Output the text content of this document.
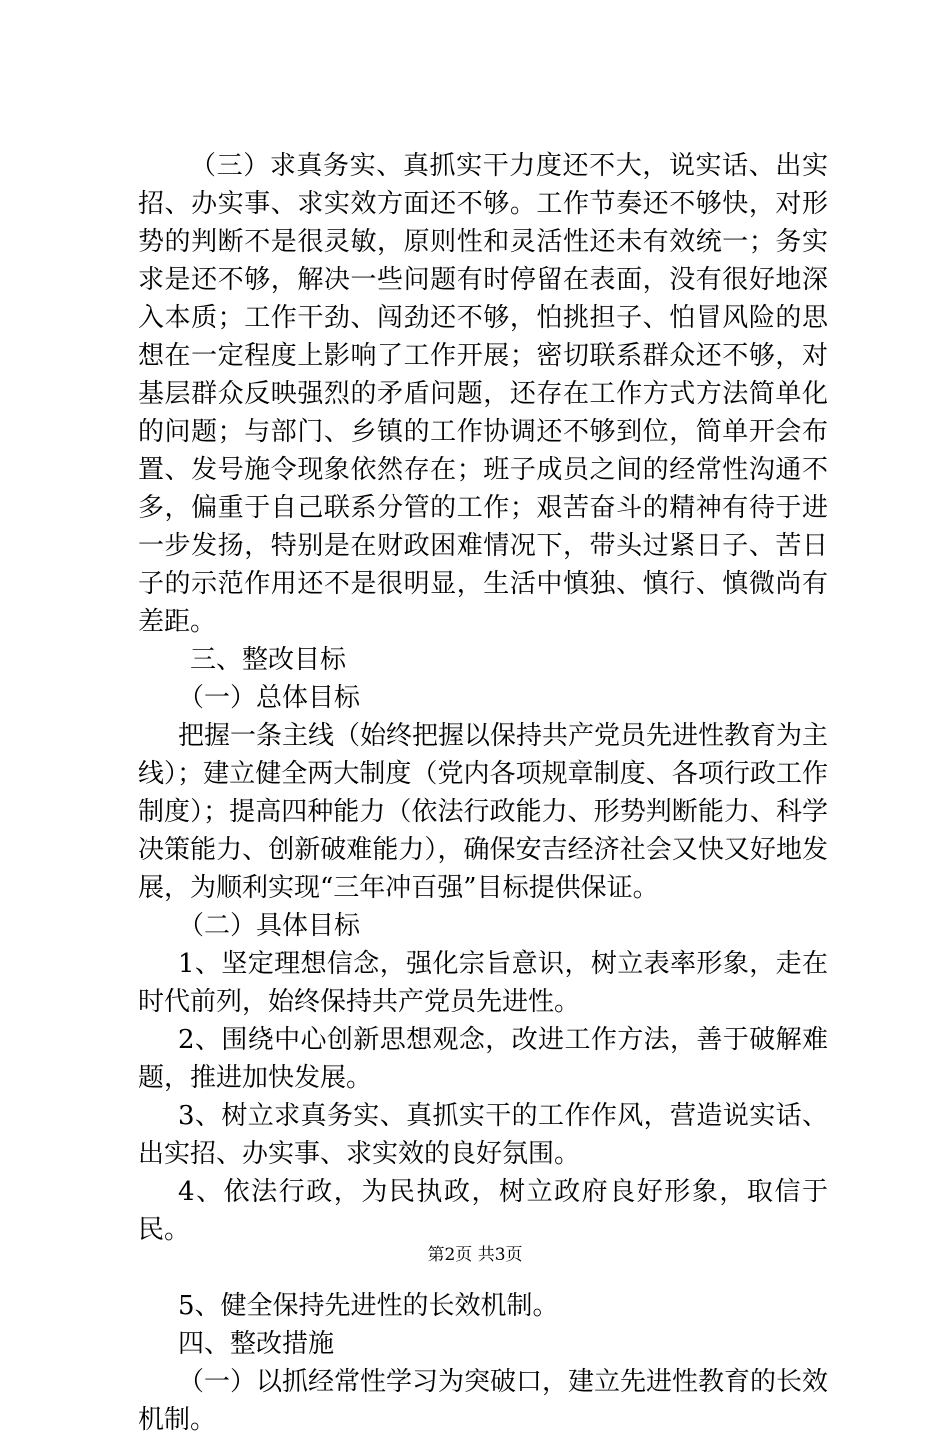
（三）求真务实、真抓实干力度还不大，说实话、出实招、办实事、求实效方面还不够。工作节奏还不够快，对形势的判断不是很灵敏，原则性和灵活性还未有效统一；务实求是还不够，解决一些问题有时停留在表面，没有很好地深入本质；工作干劲、闯劲还不够，怕挑担子、怕冒风险的思想在一定程度上影响了工作开展；密切联系群众还不够，对基层群众反映强烈的矛盾问题，还存在工作方式方法简单化的问题；与部门、乡镇的工作协调还不够到位，简单开会布置、发号施令现象依然存在；班子成员之间的经常性沟通不多，偏重于自己联系分管的工作；艰苦奋斗的精神有待于进一步发扬，特别是在财政困难情况下，带头过紧日子、苦日子的示范作用还不是很明显，生活中慎独、慎行、慎微尚有差距。

三、整改目标

（一）总体目标

把握一条主线（始终把握以保持共产党员先进性教育为主线）；建立健全两大制度（党内各项规章制度、各项行政工作制度）；提高四种能力（依法行政能力、形势判断能力、科学决策能力、创新破难能力），确保安吉经济社会又快又好地发展，为顺利实现“三年冲百强”目标提供保证。

（二）具体目标

1、坚定理想信念，强化宗旨意识，树立表率形象，走在时代前列，始终保持共产党员先进性。

2、围绕中心创新思想观念，改进工作方法，善于破解难题，推进加快发展。

3、树立求真务实、真抓实干的工作作风，营造说实话、出实招、办实事、求实效的良好氛围。

4、依法行政，为民执政，树立政府良好形象，取信于民。

5、健全保持先进性的长效机制。

四、整改措施

（一）以抓经常性学习为突破口，建立先进性教育的长效机制。

第2页 共3页
